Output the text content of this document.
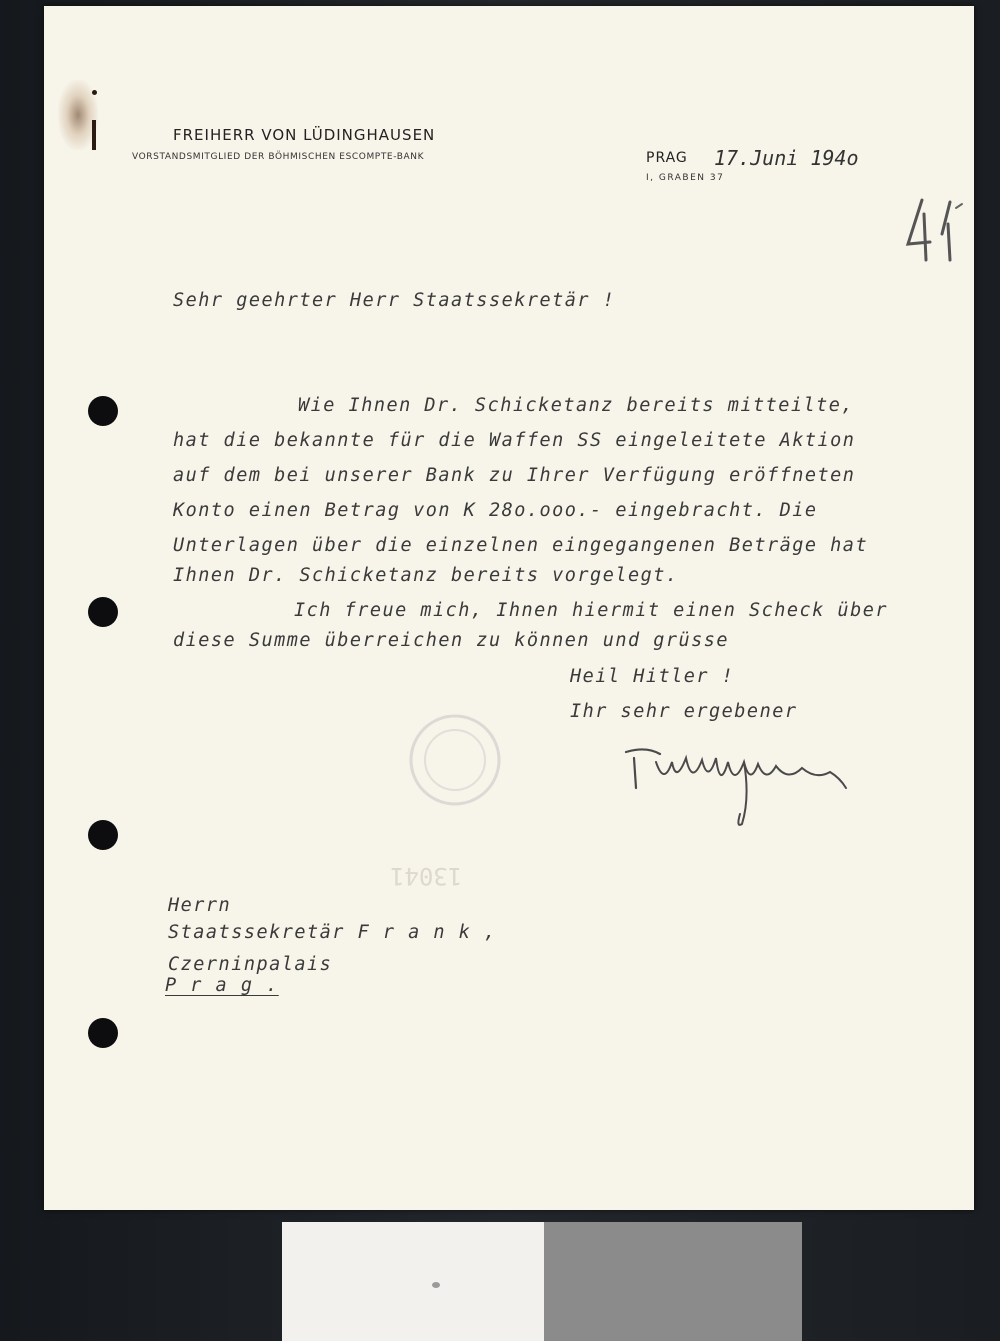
FREIHERR VON LÜDINGHAUSEN
VORSTANDSMITGLIED DER BÖHMISCHEN ESCOMPTE-BANK	PRAG 17.Juni 194o
I, GRABEN 37
Sehr geehrter Herr Staatssekretär !
Wie Ihnen Dr. Schicketanz bereits mitteilte,
hat die bekannte für die Waffen SS eingeleitete Aktion
auf dem bei unserer Bank zu Ihrer Verfügung eröffneten
Konto einen Betrag von K 28o.ooo.- eingebracht. Die
Unterlagen über die einzelnen eingegangenen Beträge hat
Ihnen Dr. Schicketanz bereits vorgelegt.
Ich freue mich, Ihnen hiermit einen Scheck über
diese Summe überreichen zu können und grüsse
Heil Hitler !
Ihr sehr ergebener
13041
Herrn
Staatssekretär F r a n k ,
Czerninpalais
P r a g .
